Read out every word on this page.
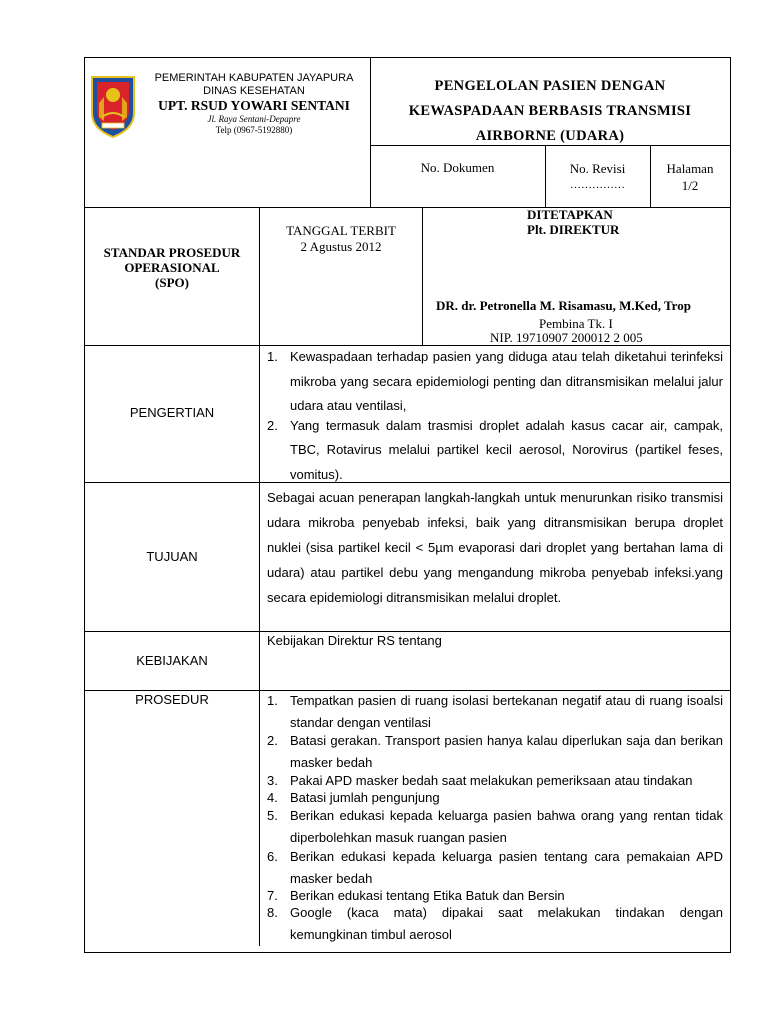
PEMERINTAH KABUPATEN JAYAPURA
DINAS KESEHATAN
UPT. RSUD YOWARI SENTANI
Jl. Raya Sentani-Depapre
Telp (0967-5192880)
PENGELOLAN PASIEN DENGAN
KEWASPADAAN BERBASIS TRANSMISI
AIRBORNE (UDARA)
No. Dokumen	No. Revisi
……………
Halaman
1/2
STANDAR PROSEDUR
OPERASIONAL
(SPO)
TANGGAL TERBIT
2 Agustus 2012
DITETAPKAN
Plt. DIREKTUR
DR. dr. Petronella M. Risamasu, M.Ked, Trop
Pembina Tk. I
NIP. 19710907 200012 2 005
PENGERTIAN
1. Kewaspadaan terhadap pasien yang diduga atau telah diketahui terinfeksi mikroba yang secara epidemiologi penting dan ditransmisikan melalui jalur udara atau ventilasi,
2. Yang termasuk dalam trasmisi droplet adalah kasus cacar air, campak, TBC, Rotavirus melalui partikel kecil aerosol, Norovirus (partikel feses, vomitus).
TUJUAN
Sebagai acuan penerapan langkah-langkah untuk menurunkan risiko transmisi udara mikroba penyebab infeksi, baik yang ditransmisikan berupa droplet nuklei (sisa partikel kecil < 5µm evaporasi dari droplet yang bertahan lama di udara) atau partikel debu yang mengandung mikroba penyebab infeksi.yang secara epidemiologi ditransmisikan melalui droplet.
KEBIJAKAN
Kebijakan Direktur RS tentang
PROSEDUR	1. Tempatkan pasien di ruang isolasi bertekanan negatif atau di ruang isoalsi standar dengan ventilasi
2. Batasi gerakan. Transport pasien hanya kalau diperlukan saja dan berikan masker bedah
3. Pakai APD masker bedah saat melakukan pemeriksaan atau tindakan
4. Batasi jumlah pengunjung
5. Berikan edukasi kepada keluarga pasien bahwa orang yang rentan tidak diperbolehkan masuk ruangan pasien
6. Berikan edukasi kepada keluarga pasien tentang cara pemakaian APD masker bedah
7. Berikan edukasi tentang Etika Batuk dan Bersin
8. Google (kaca mata) dipakai saat melakukan tindakan dengan kemungkinan timbul aerosol
